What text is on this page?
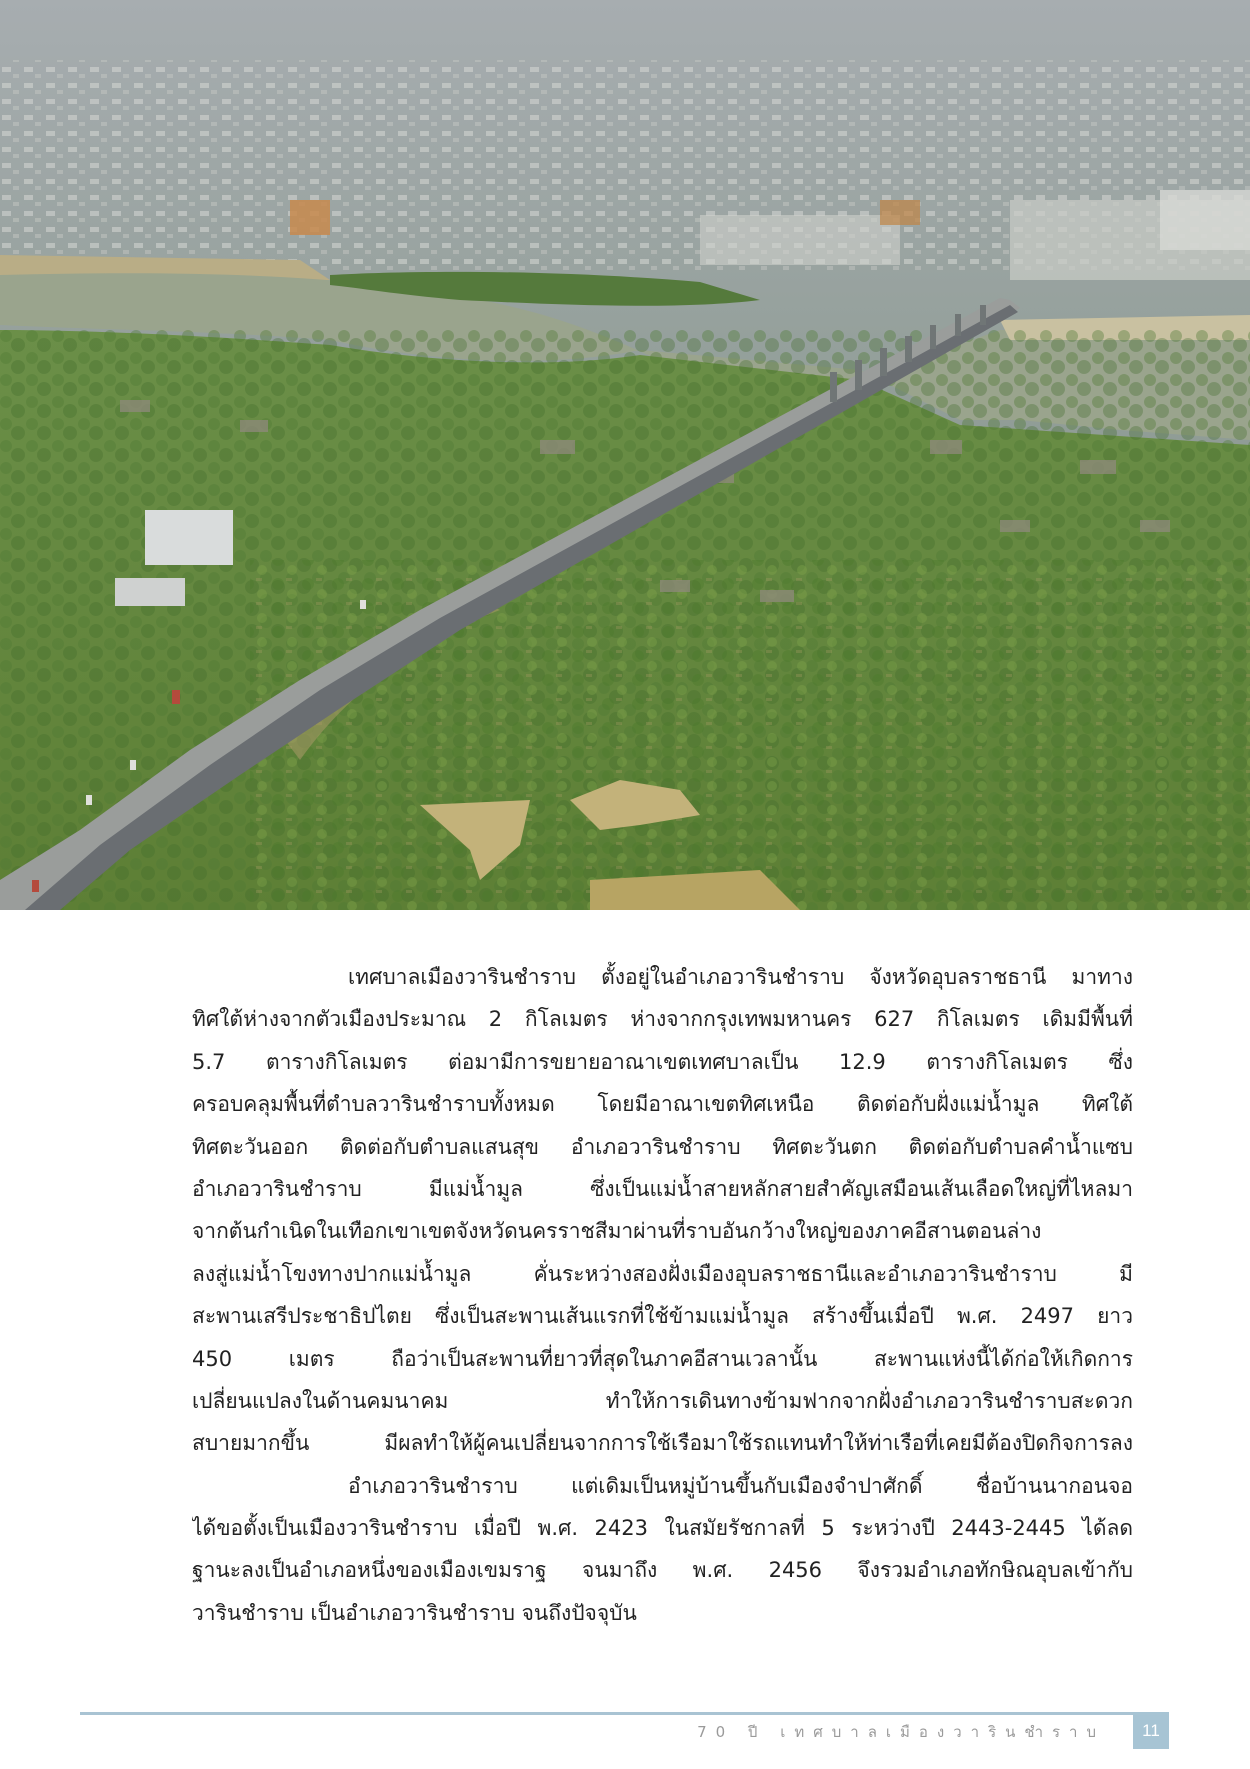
เทศบาลเมืองวารินชำราบ ตั้งอยู่ในอำเภอวารินชำราบ จังหวัดอุบลราชธานี มาทาง
ทิศใต้ห่างจากตัวเมืองประมาณ 2 กิโลเมตร ห่างจากกรุงเทพมหานคร 627 กิโลเมตร เดิมมีพื้นที่
5.7 ตารางกิโลเมตร ต่อมามีการขยายอาณาเขตเทศบาลเป็น 12.9 ตารางกิโลเมตร ซึ่ง
ครอบคลุมพื้นที่ตำบลวารินชำราบทั้งหมด โดยมีอาณาเขตทิศเหนือ ติดต่อกับฝั่งแม่น้ำมูล ทิศใต้
ทิศตะวันออก ติดต่อกับตำบลแสนสุข อำเภอวารินชำราบ ทิศตะวันตก ติดต่อกับตำบลคำน้ำแซบ
อำเภอวารินชำราบ มีแม่น้ำมูล ซึ่งเป็นแม่น้ำสายหลักสายสำคัญเสมือนเส้นเลือดใหญ่ที่ไหลมา
จากต้นกำเนิดในเทือกเขาเขตจังหวัดนครราชสีมาผ่านที่ราบอันกว้างใหญ่ของภาคอีสานตอนล่าง
ลงสู่แม่น้ำโขงทางปากแม่น้ำมูล คั่นระหว่างสองฝั่งเมืองอุบลราชธานีและอำเภอวารินชำราบ มี
สะพานเสรีประชาธิปไตย ซึ่งเป็นสะพานเส้นแรกที่ใช้ข้ามแม่น้ำมูล สร้างขึ้นเมื่อปี พ.ศ. 2497 ยาว
450 เมตร ถือว่าเป็นสะพานที่ยาวที่สุดในภาคอีสานเวลานั้น สะพานแห่งนี้ได้ก่อให้เกิดการ
เปลี่ยนแปลงในด้านคมนาคม ทำให้การเดินทางข้ามฟากจากฝั่งอำเภอวารินชำราบสะดวก
สบายมากขึ้น มีผลทำให้ผู้คนเปลี่ยนจากการใช้เรือมาใช้รถแทนทำให้ท่าเรือที่เคยมีต้องปิดกิจการลง
อำเภอวารินชำราบ แต่เดิมเป็นหมู่บ้านขึ้นกับเมืองจำปาศักดิ์ ชื่อบ้านนากอนจอ
ได้ขอตั้งเป็นเมืองวารินชำราบ เมื่อปี พ.ศ. 2423 ในสมัยรัชกาลที่ 5 ระหว่างปี 2443-2445 ได้ลด
ฐานะลงเป็นอำเภอหนึ่งของเมืองเขมราฐ จนมาถึง พ.ศ. 2456 จึงรวมอำเภอทักษิณอุบลเข้ากับ
วารินชำราบ เป็นอำเภอวารินชำราบ จนถึงปัจจุบัน
70 ปี เทศบาลเมืองวารินชำราบ	11
